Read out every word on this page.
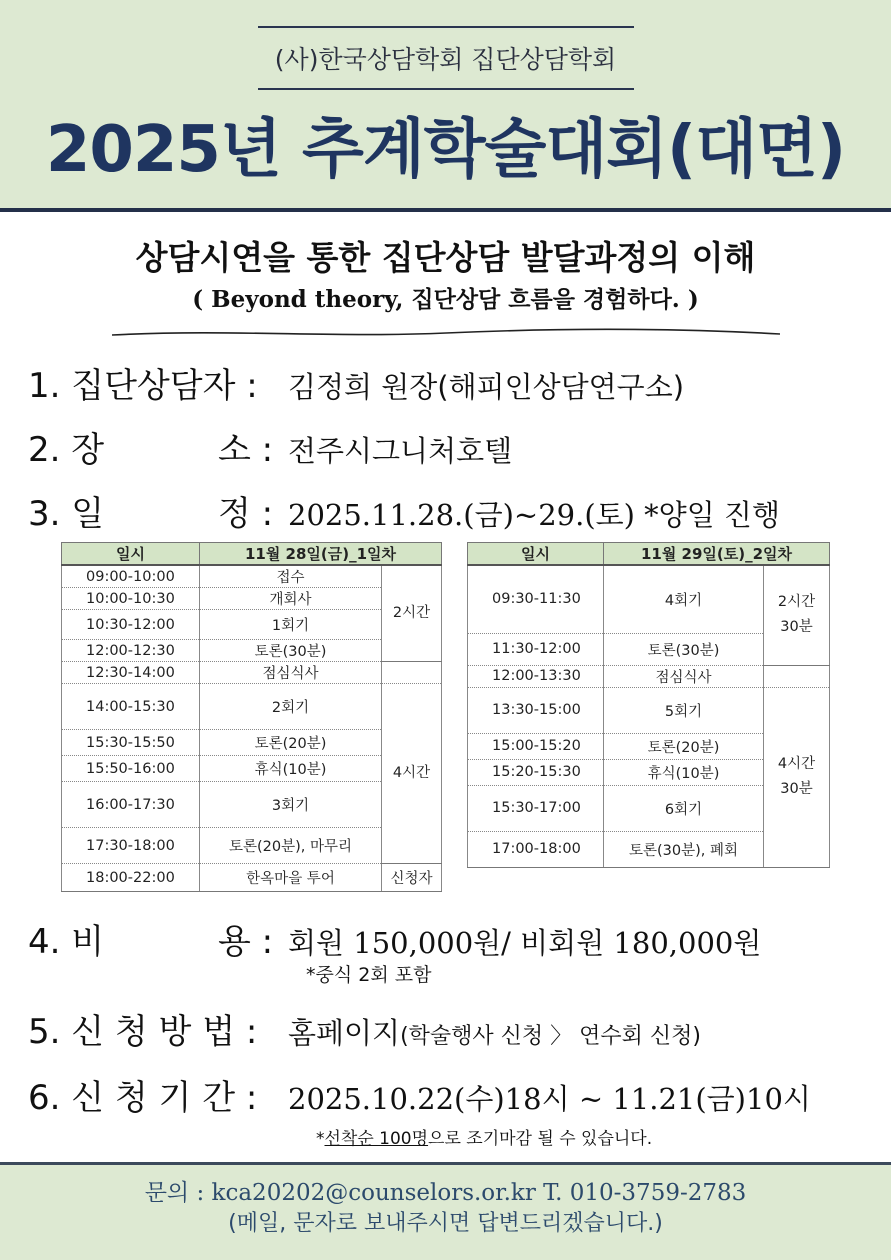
(사)한국상담학회 집단상담학회
2025년 추계학술대회(대면)
상담시연을 통한 집단상담 발달과정의 이해
( Beyond theory, 집단상담 흐름을 경험하다. )
1. 집단상담자 : 김정희 원장(해피인상담연구소)
2. 장	소 : 전주시그니처호텔
3. 일	정 : 2025.11.28.(금)~29.(토) *양일 진행
일시	11월 28일(금)_1일차	
09:00-10:00	접수	2시간
10:00-10:30	개회사	
10:30-12:00	1회기	
12:00-12:30	토론(30분)	
12:30-14:00	점심식사	
14:00-15:30	2회기	4시간
15:30-15:50	토론(20분)	
15:50-16:00	휴식(10분)	
16:00-17:30	3회기	
17:30-18:00	토론(20분), 마무리	
18:00-22:00	한옥마을 투어	신청자
일시	11월 29일(토)_2일차	
09:30-11:30	4회기	2시간 30분
11:30-12:00	토론(30분)	
12:00-13:30	점심식사	
13:30-15:00	5회기	4시간 30분
15:00-15:20	토론(20분)	
15:20-15:30	휴식(10분)	
15:30-17:00	6회기	
17:00-18:00	토론(30분), 폐회	
4. 비	용 : 회원 150,000원/ 비회원 180,000원
*중식 2회 포함
5. 신 청 방 법 : 홈페이지(학술행사 신청 〉 연수회 신청)
6. 신 청 기 간 : 2025.10.22(수)18시 ~ 11.21(금)10시
*선착순 100명으로 조기마감 될 수 있습니다.
문의 : kca20202@counselors.or.kr T. 010-3759-2783
(메일, 문자로 보내주시면 답변드리겠습니다.)
